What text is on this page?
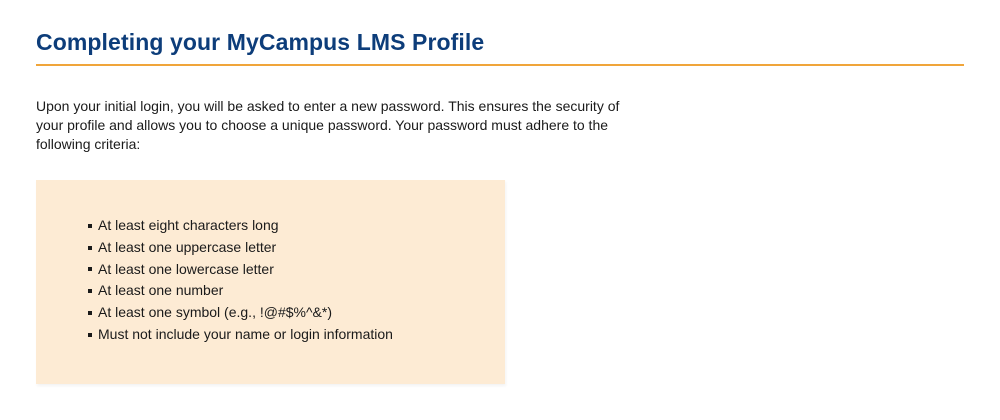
Completing your MyCampus LMS Profile

Upon your initial login, you will be asked to enter a new password. This ensures the security of your profile and allows you to choose a unique password. Your password must adhere to the following criteria:

At least eight characters long
At least one uppercase letter
At least one lowercase letter
At least one number
At least one symbol (e.g., !@#$%^&*)
Must not include your name or login information
